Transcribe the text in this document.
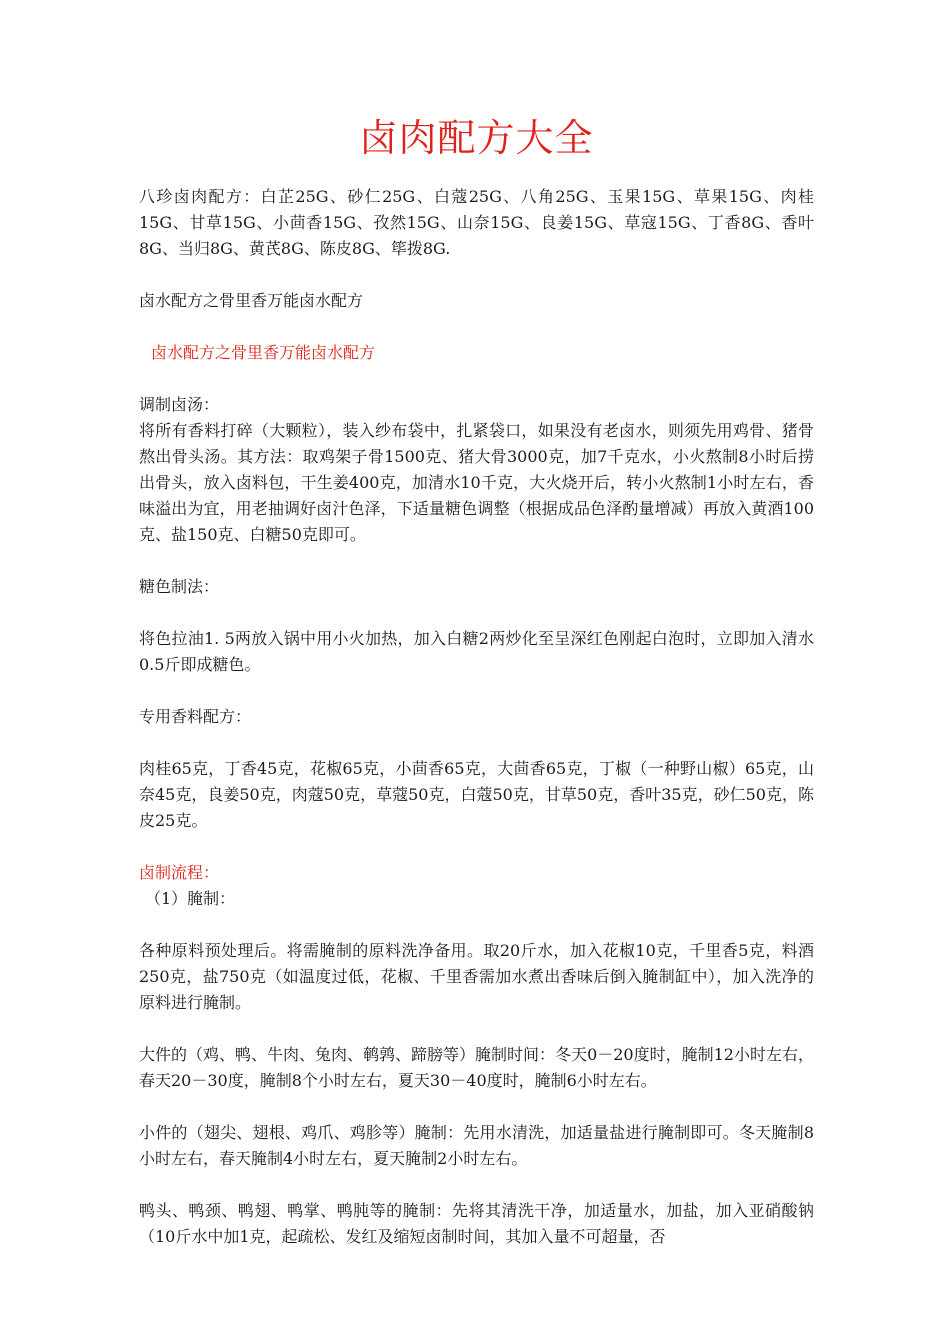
卤肉配方大全

八珍卤肉配方：白芷25G、砂仁25G、白蔻25G、八角25G、玉果15G、草果15G、肉桂15G、甘草15G、小茴香15G、孜然15G、山奈15G、良姜15G、草寇15G、丁香8G、香叶8G、当归8G、黄芪8G、陈皮8G、筚拨8G.

卤水配方之骨里香万能卤水配方

卤水配方之骨里香万能卤水配方

调制卤汤：

将所有香料打碎（大颗粒），装入纱布袋中，扎紧袋口，如果没有老卤水，则须先用鸡骨、猪骨熬出骨头汤。其方法：取鸡架子骨1500克、猪大骨3000克，加7千克水，小火熬制8小时后捞出骨头，放入卤料包，干生姜400克，加清水10千克，大火烧开后，转小火熬制1小时左右，香味溢出为宜，用老抽调好卤汁色泽，下适量糖色调整（根据成品色泽酌量增减）再放入黄酒100克、盐150克、白糖50克即可。

糖色制法：

将色拉油1. 5两放入锅中用小火加热，加入白糖2两炒化至呈深红色刚起白泡时，立即加入清水0.5斤即成糖色。

专用香料配方：

肉桂65克，丁香45克，花椒65克，小茴香65克，大茴香65克，丁椒（一种野山椒）65克，山奈45克，良姜50克，肉蔻50克，草蔻50克，白蔻50克，甘草50克，香叶35克，砂仁50克，陈皮25克。

卤制流程：

（1）腌制：

各种原料预处理后。将需腌制的原料洗净备用。取20斤水，加入花椒10克，千里香5克，料酒250克，盐750克（如温度过低，花椒、千里香需加水煮出香味后倒入腌制缸中），加入洗净的原料进行腌制。

大件的（鸡、鸭、牛肉、兔肉、鹌鹑、蹄膀等）腌制时间：冬天0－20度时，腌制12小时左右，春天20－30度，腌制8个小时左右，夏天30－40度时，腌制6小时左右。

小件的（翅尖、翅根、鸡爪、鸡胗等）腌制：先用水清洗，加适量盐进行腌制即可。冬天腌制8小时左右，春天腌制4小时左右，夏天腌制2小时左右。

鸭头、鸭颈、鸭翅、鸭掌、鸭肫等的腌制：先将其清洗干净，加适量水，加盐，加入亚硝酸钠（10斤水中加1克，起疏松、发红及缩短卤制时间，其加入量不可超量，否
